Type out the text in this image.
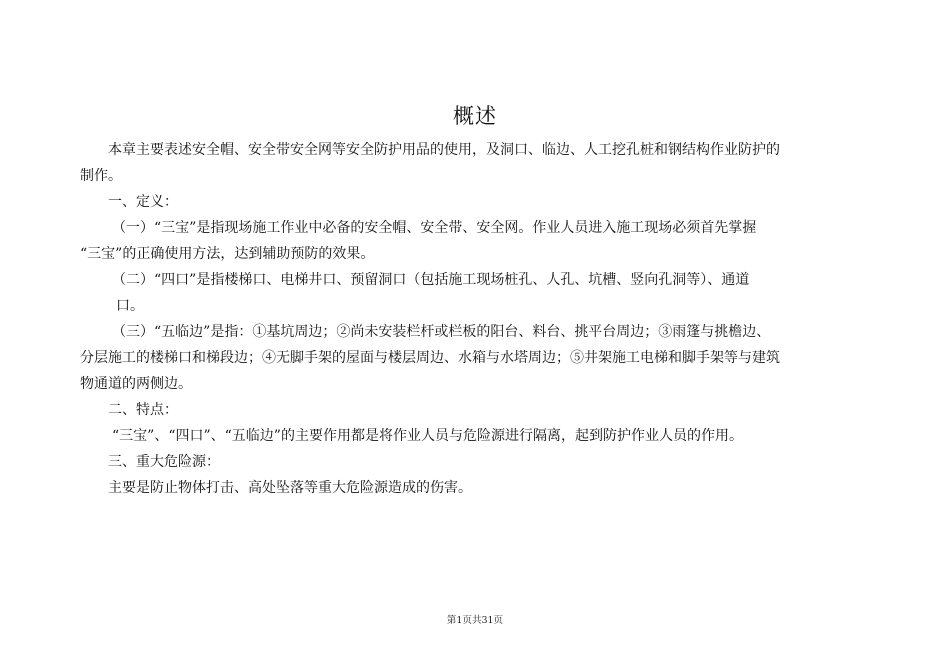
概述
本章主要表述安全帽、安全带安全网等安全防护用品的使用，及洞口、临边、人工挖孔桩和钢结构作业防护的
制作。
一、定义：
（一）“三宝”是指现场施工作业中必备的安全帽、安全带、安全网。作业人员进入施工现场必须首先掌握
“三宝”的正确使用方法，达到辅助预防的效果。
（二）“四口”是指楼梯口、电梯井口、预留洞口（包括施工现场桩孔、人孔、坑槽、竖向孔洞等）、通道
口。
（三）“五临边”是指：①基坑周边；②尚未安装栏杆或栏板的阳台、料台、挑平台周边；③雨篷与挑檐边、
分层施工的楼梯口和梯段边；④无脚手架的屋面与楼层周边、水箱与水塔周边；⑤井架施工电梯和脚手架等与建筑
物通道的两侧边。
二、特点：
“三宝”、“四口”、“五临边”的主要作用都是将作业人员与危险源进行隔离，起到防护作业人员的作用。
三、重大危险源：
主要是防止物体打击、高处坠落等重大危险源造成的伤害。
第1页共31页
